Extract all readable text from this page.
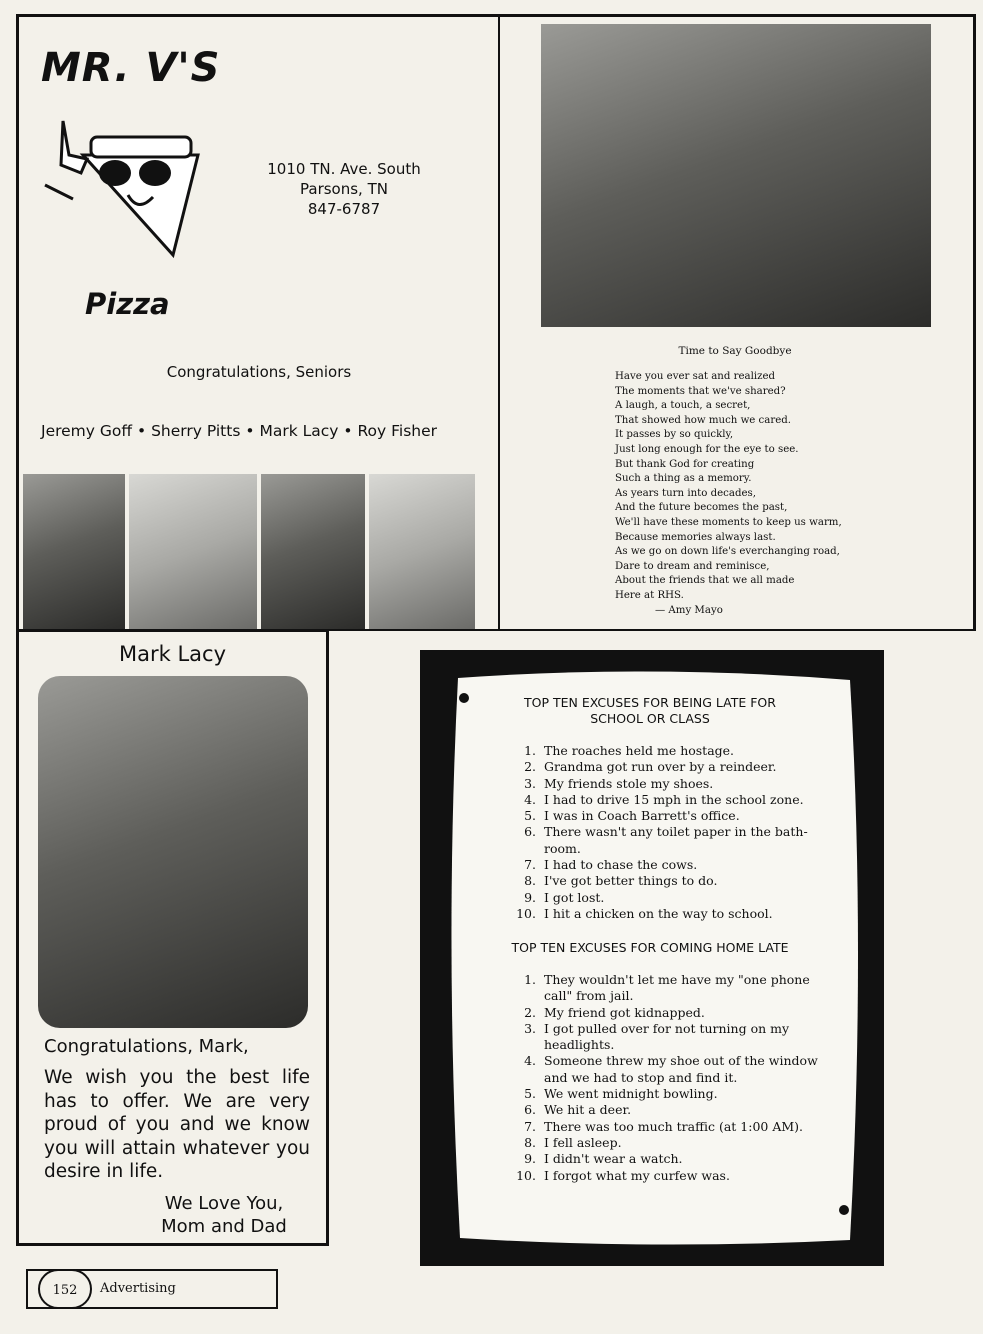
MR. V'S
1010 TN. Ave. South
Parsons, TN
847-6787
Pizza
Congratulations, Seniors
Jeremy Goff • Sherry Pitts • Mark Lacy • Roy Fisher
Time to Say Goodbye
Have you ever sat and realized
The moments that we've shared?
A laugh, a touch, a secret,
That showed how much we cared.
It passes by so quickly,
Just long enough for the eye to see.
But thank God for creating
Such a thing as a memory.
As years turn into decades,
And the future becomes the past,
We'll have these moments to keep us warm,
Because memories always last.
As we go on down life's everchanging road,
Dare to dream and reminisce,
About the friends that we all made
Here at RHS.
— Amy Mayo
Mark Lacy
Congratulations, Mark,
We wish you the best life has to offer. We are very proud of you and we know you will attain whatever you desire in life.
We Love You,
Mom and Dad
TOP TEN EXCUSES FOR BEING LATE FOR SCHOOL OR CLASS
1. The roaches held me hostage.
2. Grandma got run over by a reindeer.
3. My friends stole my shoes.
4. I had to drive 15 mph in the school zone.
5. I was in Coach Barrett's office.
6. There wasn't any toilet paper in the bath-room.
7. I had to chase the cows.
8. I've got better things to do.
9. I got lost.
10. I hit a chicken on the way to school.
TOP TEN EXCUSES FOR COMING HOME LATE
1. They wouldn't let me have my "one phone call" from jail.
2. My friend got kidnapped.
3. I got pulled over for not turning on my headlights.
4. Someone threw my shoe out of the window and we had to stop and find it.
5. We went midnight bowling.
6. We hit a deer.
7. There was too much traffic (at 1:00 AM).
8. I fell asleep.
9. I didn't wear a watch.
10. I forgot what my curfew was.
152	Advertising
